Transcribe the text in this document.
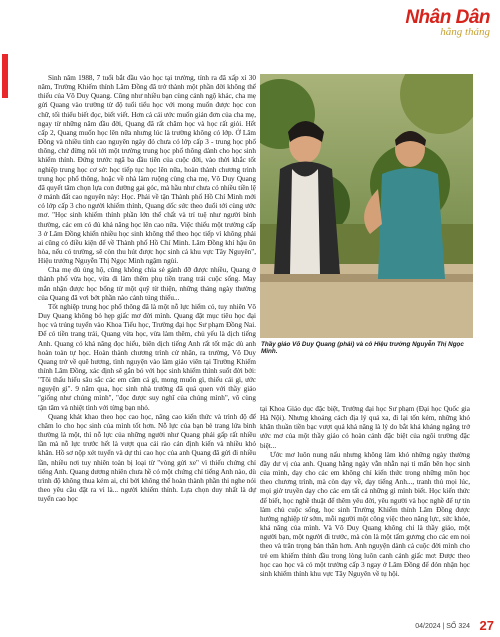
Nhân Dân
hằng tháng

Sinh năm 1988, 7 tuổi bắt đầu vào học tại trường, tính ra đã xấp xỉ 30 năm, Trường Khiếm thính Lâm Đồng đã trở thành một phần đời không thể thiếu của Võ Duy Quang. Cũng như nhiều bạn cùng cảnh ngộ khác, cha mẹ gửi Quang vào trường từ độ tuổi tiểu học với mong muốn được học con chữ, tối thiểu biết đọc, biết viết. Hơn cả cái ước muốn giản đơn của cha mẹ, ngay từ những năm đầu đời, Quang đã rất chăm học và học rất giỏi. Hết cấp 2, Quang muốn học lên nữa nhưng lúc là trường không có lớp. Ở Lâm Đồng và nhiều tỉnh cao nguyên ngày đó chưa có lớp cấp 3 - trung học phổ thông, chứ đừng nói tới một trường trung học phổ thông dành cho học sinh khiếm thính. Đứng trước ngã ba đầu tiên của cuộc đời, vào thời khắc tốt nghiệp trung học cơ sở: học tiếp tục học lên nữa, hoàn thành chương trình trung học phổ thông, hoặc về nhà làm ruộng cùng cha mẹ, Võ Duy Quang đã quyết tâm chọn lựa con đường gai góc, mà hầu như chưa có nhiều tiền lệ ở mảnh đất cao nguyên này: Học. Phải về tận Thành phố Hồ Chí Minh mới có lớp cấp 3 cho người khiếm thính, Quang dốc sức theo đuổi tới cùng ước mơ. "Học sinh khiếm thính phần lớn thể chất và trí tuệ như người bình thường, các em có đủ khả năng học lên cao nữa. Việc thiếu một trường cấp 3 ở Lâm Đồng khiến nhiều học sinh không thể theo học tiếp vì không phải ai cũng có điều kiện để về Thành phố Hồ Chí Minh. Lâm Đồng khí hậu ôn hòa, nếu có trường, sẽ còn thu hút được học sinh cả khu vực Tây Nguyên", Hiệu trưởng Nguyễn Thị Ngọc Minh ngậm ngùi.

Cha mẹ dù ủng hộ, cũng không chia sẻ gánh đỡ được nhiều, Quang ở thành phố vừa học, vừa đi làm thêm phụ tiền trang trải cuộc sống. May mắn nhận được học bổng từ một quỹ từ thiện, những tháng ngày thường của Quang đã vơi bớt phần nào cảnh túng thiếu...

Tốt nghiệp trung học phổ thông đã là một nỗ lực hiếm có, tuy nhiên Võ Duy Quang không bỏ hẹp giấc mơ đời mình. Quang đặt mục tiêu học đại học và trúng tuyển vào Khoa Tiểu học, Trường đại học Sư phạm Đồng Nai. Để có tiền trang trải, Quang vừa học, vừa làm thêm, chủ yếu là dịch tiếng Anh. Quang có khả năng đọc hiểu, biên dịch tiếng Anh rất tốt mặc dù anh hoàn toàn tự học. Hoàn thành chương trình cử nhân, ra trường, Võ Duy Quang trở về quê hương, tình nguyện vào làm giáo viên tại Trường Khiếm thính Lâm Đồng, xác định sẽ gắn bó với học sinh khiếm thính suốt đời bởi: "Tôi thấu hiểu sâu sắc các em câm cả gì, mong muốn gì, thiếu cái gì, ước nguyện gì". 9 năm qua, học sinh nhà trường đã quá quen với thầy giáo "giống như chúng mình", "đọc được suy nghĩ của chúng mình", vô cùng tận tâm và nhiệt tình với từng bạn nhỏ.

Quang khát khao theo học cao học, nâng cao kiến thức và trình độ để chăm lo cho học sinh của mình tốt hơn. Nỗ lực của bạn bè trang lứa bình thường là một, thì nỗ lực của những người như Quang phải gấp rất nhiều lần mà nỗ lực trước hết là vượt qua cái rào cản định kiến và nhiều khó khăn. Hồ sơ nộp xét tuyển và dự thi cao học của anh Quang đã gửi đi nhiều lần, nhiều nơi tuy nhiên toàn bị loại từ "vòng gửi xe" vì thiếu chứng chỉ tiếng Anh. Quang dương nhiên chưa hề có một chứng chỉ tiếng Anh nào, dù trình độ không thua kém ai, chỉ bởi không thể hoàn thành phần thi nghe nói theo yêu cầu đặt ra vì là... người khiếm thính. Lựa chọn duy nhất là dự tuyển cao học

Thầy giáo Võ Duy Quang (phải) và cô Hiệu trưởng Nguyễn Thị Ngọc Minh.

tại Khoa Giáo dục đặc biệt, Trường đại học Sư phạm (Đại học Quốc gia Hà Nội). Nhưng khoảng cách địa lý quá xa, đi lại tốn kém, những khó khăn thuần tiền bạc vượt quá khả năng là lý do bắt khả kháng ngăng trở ước mơ của một thầy giáo có hoàn cảnh đặc biệt của ngôi trường đặc biệt...

Ước mơ luôn nung nấu nhưng không làm khó những ngày thường đầy dư vị của anh. Quang hằng ngày vẫn nhẫn nại tỉ mẩn bên học sinh của mình, dạy cho các em không chỉ kiến thức trong những môn học theo chương trình, mà còn dạy về, dạy tiếng Anh..., tranh thủ mọi lúc, mọi giờ truyền dạy cho các em tất cả những gì mình biết. Học kiến thức để biết, học nghề thuật để thêm yêu đời, yêu người và học nghề để tự tin làm chủ cuộc sống, học sinh Trường Khiếm thính Lâm Đồng được hướng nghiệp từ sớm, mỗi người một công việc theo năng lực, sức khỏe, khả năng của mình. Và Võ Duy Quang không chỉ là thầy giáo, một người bạn, một người đi trước, mà còn là một tấm gương cho các em noi theo và trân trọng bản thân hơn. Anh nguyện dành cả cuộc đời mình cho trẻ em khiếm thính đầu trong lòng luôn canh cánh giấc mơ: Được theo học cao học và có một trường cấp 3 ngay ở Lâm Đồng để đón nhận học sinh khiếm thính khu vực Tây Nguyên về tụ hội.

04/2024 | SỐ 324 27
